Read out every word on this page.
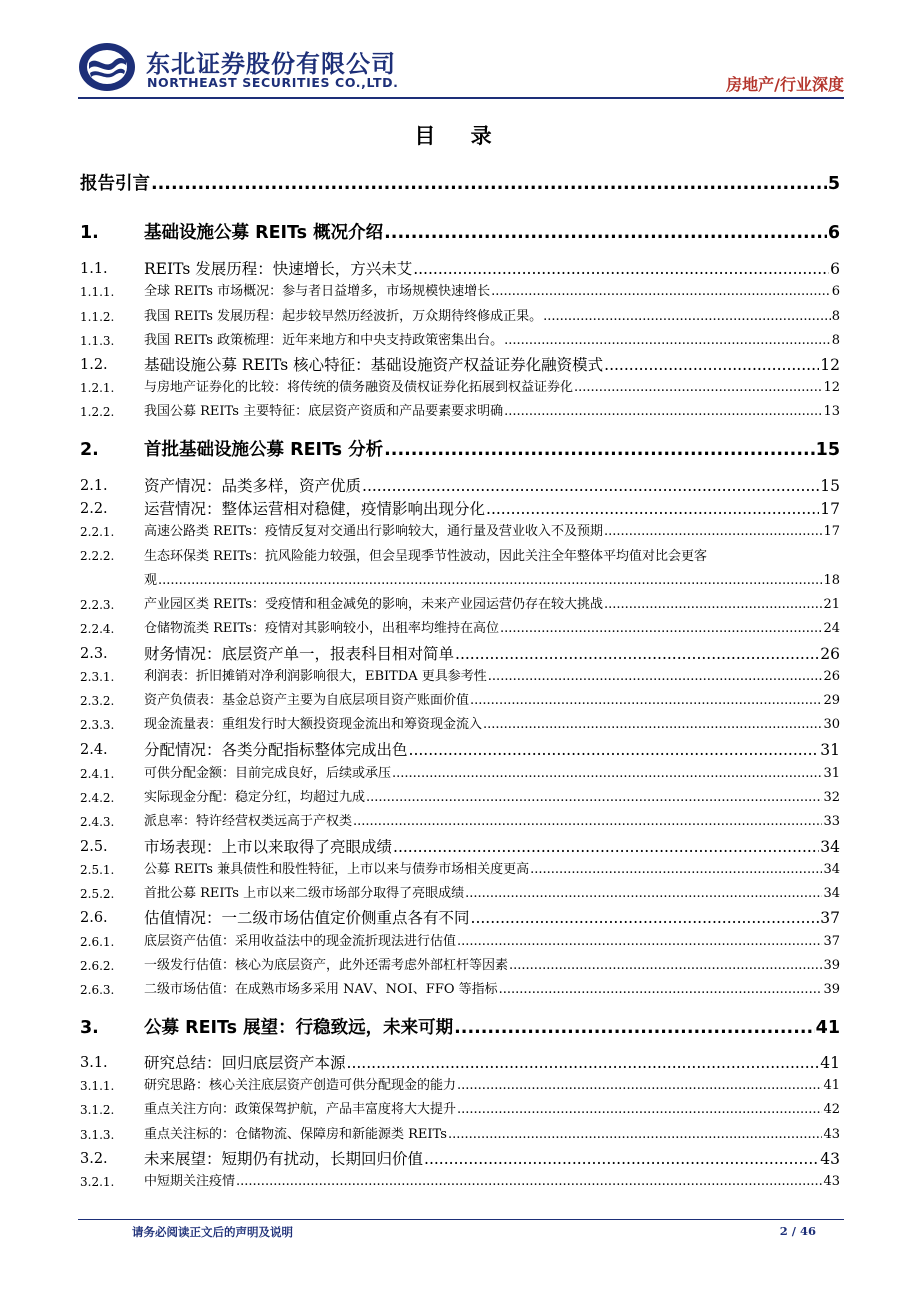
东北证券股份有限公司
NORTHEAST SECURITIES CO.,LTD.	房地产/行业深度
目 录
报告引言 .....	5
1.	基础设施公募 REITs 概况介绍 .....	6
1.1.	REITs 发展历程：快速增长，方兴未艾 .....	6
1.1.1.	全球 REITs 市场概况：参与者日益增多，市场规模快速增长 .....	6
1.1.2.	我国 REITs 发展历程：起步较早然历经波折，万众期待终修成正果。 .....	8
1.1.3.	我国 REITs 政策梳理：近年来地方和中央支持政策密集出台。 .....	8
1.2.	基础设施公募 REITs 核心特征：基础设施资产权益证券化融资模式 .....	12
1.2.1.	与房地产证券化的比较：将传统的债务融资及债权证券化拓展到权益证券化 .....	12
1.2.2.	我国公募 REITs 主要特征：底层资产资质和产品要素要求明确 .....	13
2.	首批基础设施公募 REITs 分析 .....	15
2.1.	资产情况：品类多样，资产优质 .....	15
2.2.	运营情况：整体运营相对稳健，疫情影响出现分化 .....	17
2.2.1.	高速公路类 REITs：疫情反复对交通出行影响较大，通行量及营业收入不及预期 .....	17
2.2.2. 生态环保类 REITs：抗风险能力较强，但会呈现季节性波动，因此关注全年整体平均值对比会更客
观 .....	18
2.2.3.	产业园区类 REITs：受疫情和租金减免的影响，未来产业园运营仍存在较大挑战 .....	21
2.2.4.	仓储物流类 REITs：疫情对其影响较小，出租率均维持在高位 .....	24
2.3.	财务情况：底层资产单一，报表科目相对简单 .....	26
2.3.1.	利润表：折旧摊销对净利润影响很大，EBITDA 更具参考性 .....	26
2.3.2.	资产负债表：基金总资产主要为自底层项目资产账面价值 .....	29
2.3.3.	现金流量表：重组发行时大额投资现金流出和筹资现金流入 .....	30
2.4.	分配情况：各类分配指标整体完成出色 .....	31
2.4.1.	可供分配金额：目前完成良好，后续或承压 .....	31
2.4.2.	实际现金分配：稳定分红，均超过九成 .....	32
2.4.3.	派息率：特许经营权类远高于产权类 .....	33
2.5.	市场表现：上市以来取得了亮眼成绩 .....	34
2.5.1.	公募 REITs 兼具债性和股性特征，上市以来与债券市场相关度更高 .....	34
2.5.2.	首批公募 REITs 上市以来二级市场部分取得了亮眼成绩 .....	34
2.6.	估值情况：一二级市场估值定价侧重点各有不同 .....	37
2.6.1.	底层资产估值：采用收益法中的现金流折现法进行估值 .....	37
2.6.2.	一级发行估值：核心为底层资产，此外还需考虑外部杠杆等因素 .....	39
2.6.3.	二级市场估值：在成熟市场多采用 NAV、NOI、FFO 等指标 .....	39
3.	公募 REITs 展望：行稳致远，未来可期 .....	41
3.1.	研究总结：回归底层资产本源 .....	41
3.1.1.	研究思路：核心关注底层资产创造可供分配现金的能力 .....	41
3.1.2.	重点关注方向：政策保驾护航，产品丰富度将大大提升 .....	42
3.1.3.	重点关注标的：仓储物流、保障房和新能源类 REITs .....	43
3.2.	未来展望：短期仍有扰动，长期回归价值 .....	43
3.2.1.	中短期关注疫情 .....	43
请务必阅读正文后的声明及说明	2 / 46
